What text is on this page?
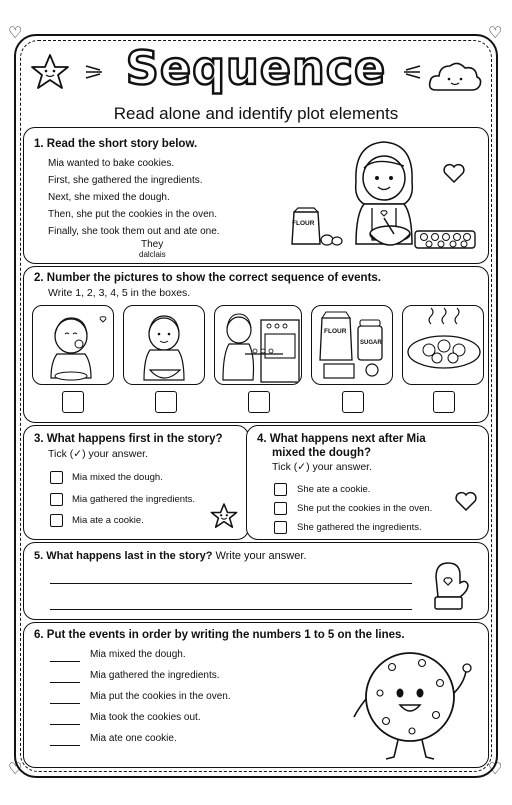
♡	♡
♡	♡
Sequence
Read alone and identify plot elements
1. Read the short story below.
Mia wanted to bake cookies.
First, she gathered the ingredients.
Next, she mixed the dough.
Then, she put the cookies in the oven.
Finally, she took them out and ate one.
They
dalclais
FLOUR
2. Number the pictures to show the correct sequence of events.
Write 1, 2, 3, 4, 5 in the boxes.
FLOUR
SUGAR
3. What happens first in the story?
Tick (✓) your answer.
Mia mixed the dough.
Mia gathered the ingredients.
Mia ate a cookie.
4. What happens next after Mia
mixed the dough?
Tick (✓) your answer.
She ate a cookie.
She put the cookies in the oven.
She gathered the ingredients.
5. What happens last in the story? Write your answer.
6. Put the events in order by writing the numbers 1 to 5 on the lines.
Mia mixed the dough.
Mia gathered the ingredients.
Mia put the cookies in the oven.
Mia took the cookies out.
Mia ate one cookie.
